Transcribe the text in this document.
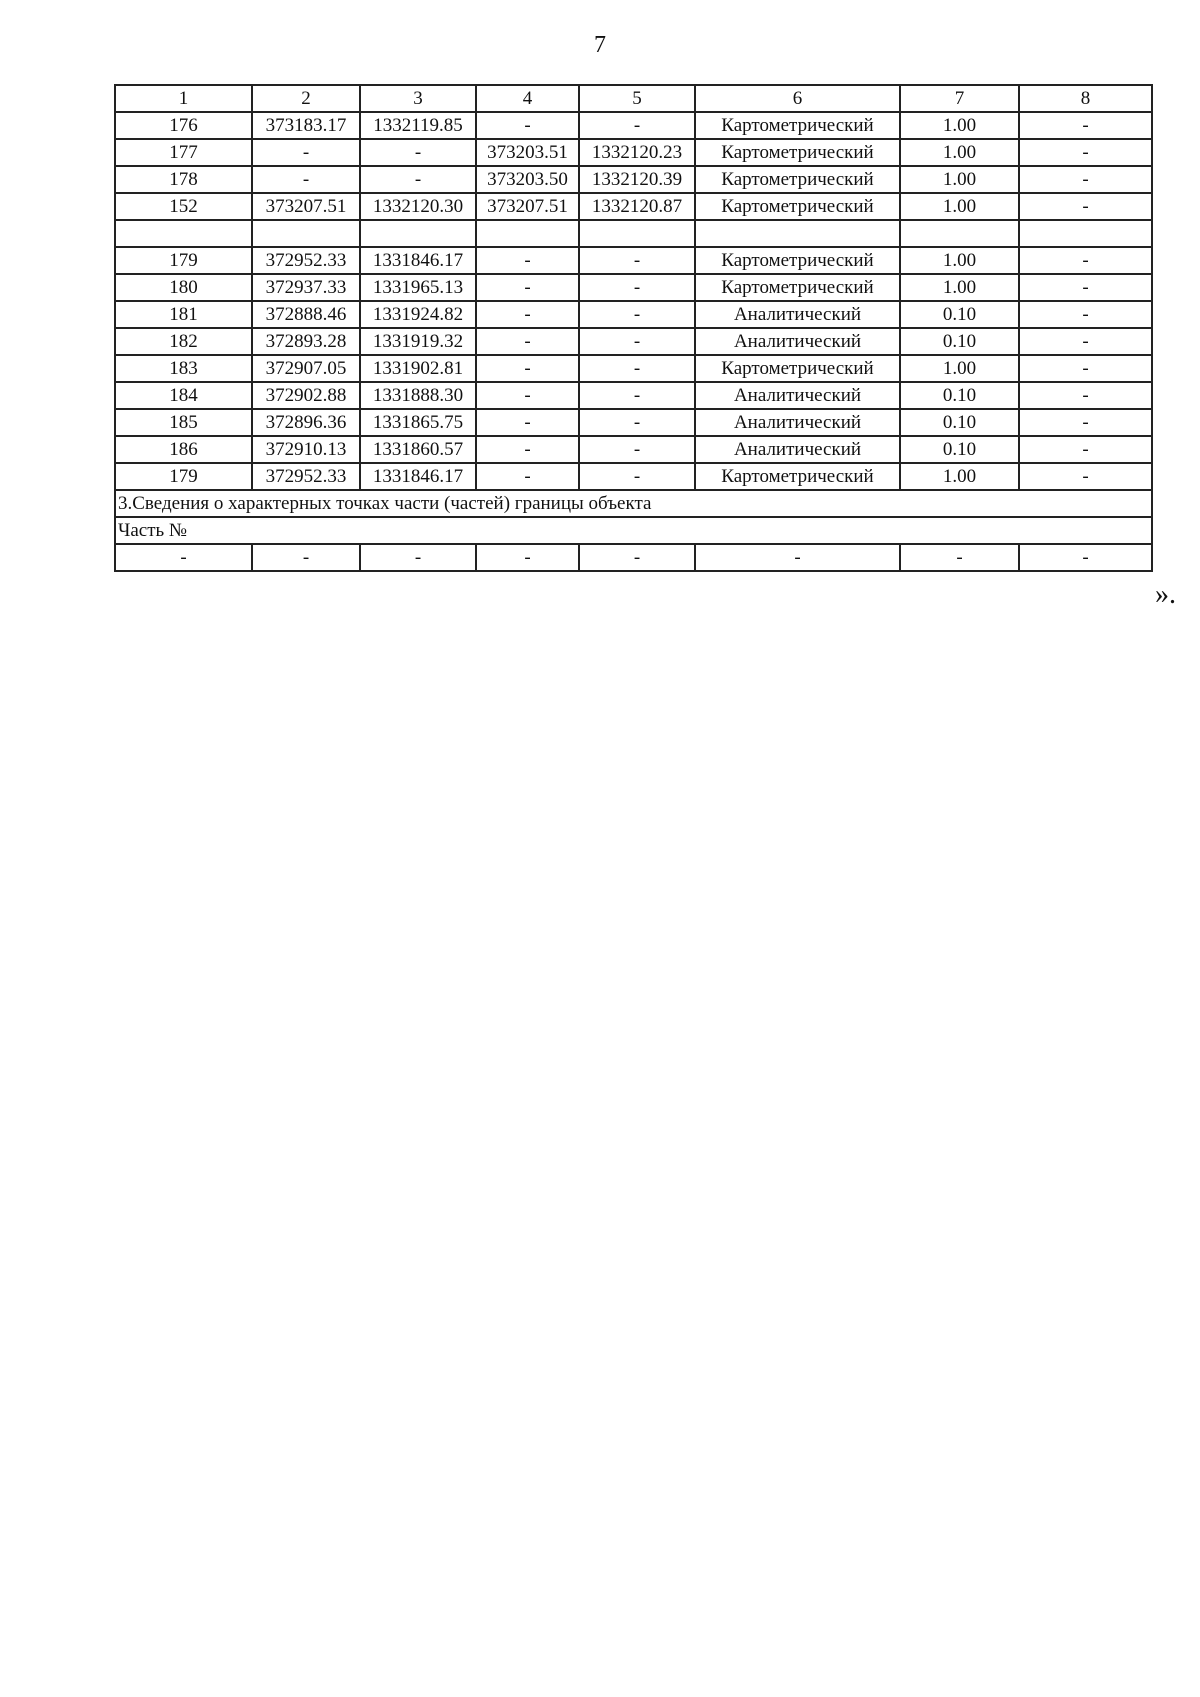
7
1	2	3	4	5	6	7	8
176	373183.17	1332119.85	-	-	Картометрический	1.00	-
177	-	-	373203.51	1332120.23	Картометрический	1.00	-
178	-	-	373203.50	1332120.39	Картометрический	1.00	-
152	373207.51	1332120.30	373207.51	1332120.87	Картометрический	1.00	-

179	372952.33	1331846.17	-	-	Картометрический	1.00	-
180	372937.33	1331965.13	-	-	Картометрический	1.00	-
181	372888.46	1331924.82	-	-	Аналитический	0.10	-
182	372893.28	1331919.32	-	-	Аналитический	0.10	-
183	372907.05	1331902.81	-	-	Картометрический	1.00	-
184	372902.88	1331888.30	-	-	Аналитический	0.10	-
185	372896.36	1331865.75	-	-	Аналитический	0.10	-
186	372910.13	1331860.57	-	-	Аналитический	0.10	-
179	372952.33	1331846.17	-	-	Картометрический	1.00	-
3.Сведения о характерных точках части (частей) границы объекта							
Часть №							
-	-	-	-	-	-	-	-
».
